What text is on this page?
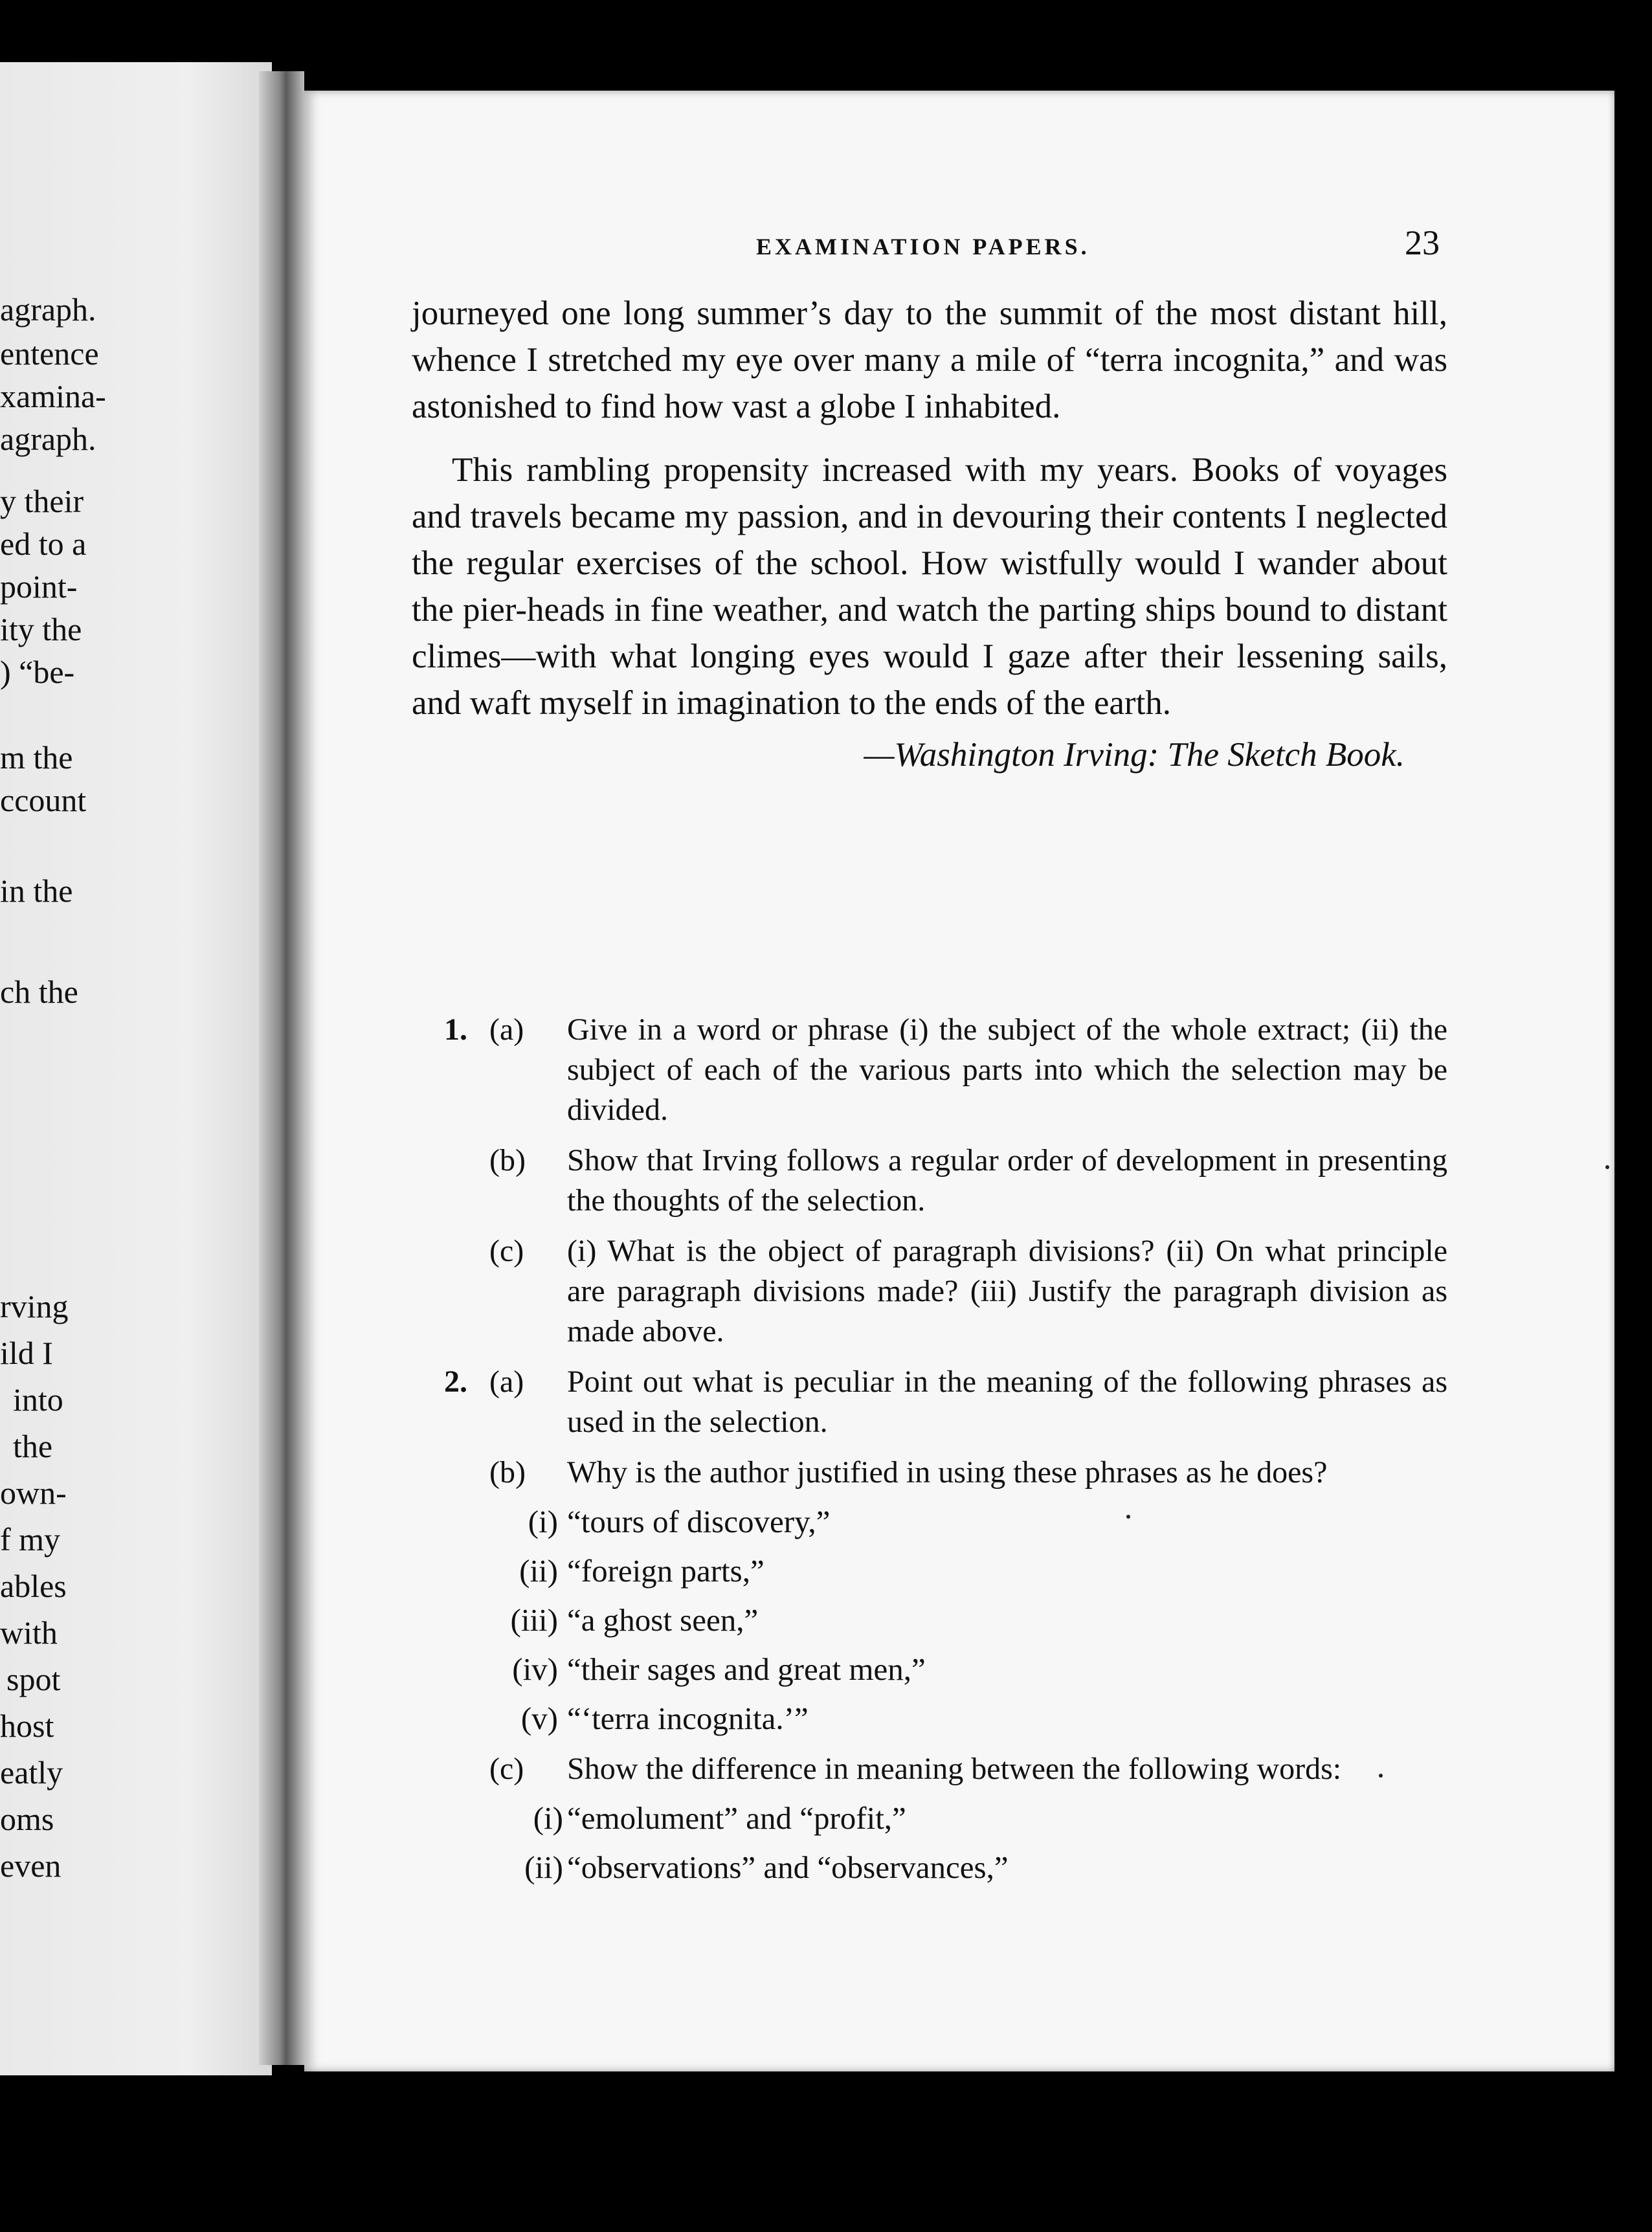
agraph.
entence
xamina-
agraph.
y their
ed to a
point-
ity the
) “be-
m the
ccount
in the
ch the
rving
ild I
into
the
own-
f my
ables
with
spot
host
eatly
oms
even
EXAMINATION PAPERS.	23

journeyed one long summer’s day to the summit of the most distant hill, whence I stretched my eye over many a mile of “terra incognita,” and was astonished to find how vast a globe I inhabited.

This rambling propensity increased with my years. Books of voyages and travels became my passion, and in devouring their contents I neglected the regular exercises of the school. How wistfully would I wander about the pier-heads in fine weather, and watch the parting ships bound to distant climes—with what longing eyes would I gaze after their lessening sails, and waft myself in imagination to the ends of the earth.

—Washington Irving: The Sketch Book.

1. (a) Give in a word or phrase (i) the subject of the whole extract; (ii) the subject of each of the various parts into which the selection may be divided.
(b) Show that Irving follows a regular order of development in presenting the thoughts of the selection.
(c) (i) What is the object of paragraph divisions? (ii) On what principle are paragraph divisions made? (iii) Justify the paragraph division as made above.
2. (a) Point out what is peculiar in the meaning of the following phrases as used in the selection.
(b) Why is the author justified in using these phrases as he does?
(i) “tours of discovery,”
(ii) “foreign parts,”
(iii) “a ghost seen,”
(iv) “their sages and great men,”
(v) “‘terra incognita.’”
(c) Show the difference in meaning between the following words:
(i) “emolument” and “profit,”
(ii) “observations” and “observances,”
